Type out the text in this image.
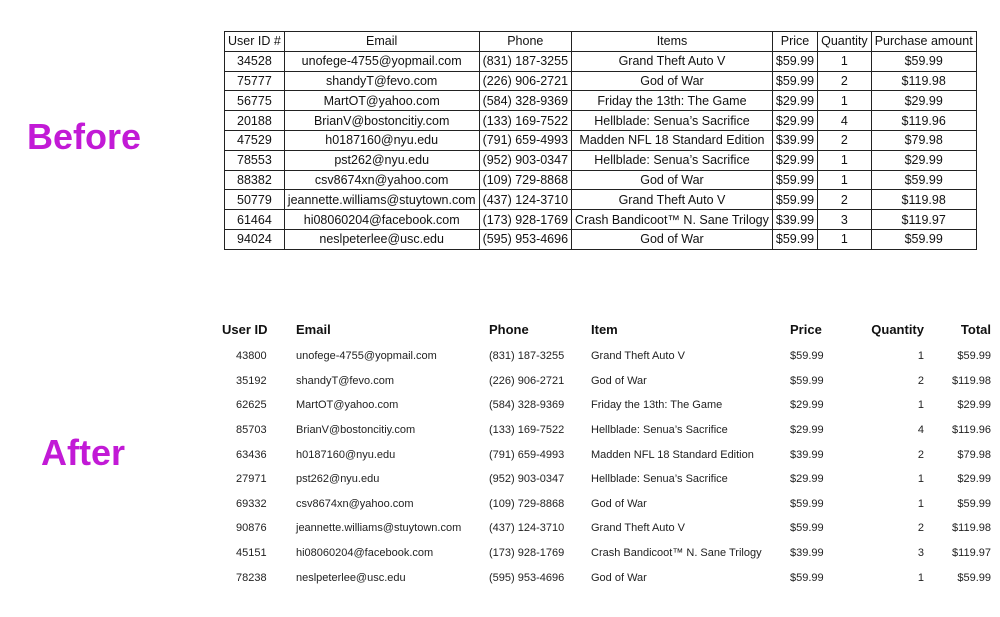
Before
After
User ID #	Email	Phone	Items	Price	Quantity	Purchase amount
34528	unofege-4755@yopmail.com	(831) 187-3255	Grand Theft Auto V	$59.99	1	$59.99
75777	shandyT@fevo.com	(226) 906-2721	God of War	$59.99	2	$119.98
56775	MartOT@yahoo.com	(584) 328-9369	Friday the 13th: The Game	$29.99	1	$29.99
20188	BrianV@bostoncitiy.com	(133) 169-7522	Hellblade: Senua’s Sacrifice	$29.99	4	$119.96
47529	h0187160@nyu.edu	(791) 659-4993	Madden NFL 18 Standard Edition	$39.99	2	$79.98
78553	pst262@nyu.edu	(952) 903-0347	Hellblade: Senua’s Sacrifice	$29.99	1	$29.99
88382	csv8674xn@yahoo.com	(109) 729-8868	God of War	$59.99	1	$59.99
50779	jeannette.williams@stuytown.com	(437) 124-3710	Grand Theft Auto V	$59.99	2	$119.98
61464	hi08060204@facebook.com	(173) 928-1769	Crash Bandicoot™ N. Sane Trilogy	$39.99	3	$119.97
94024	neslpeterlee@usc.edu	(595) 953-4696	God of War	$59.99	1	$59.99
User ID	Email	Phone	Item	Price	Quantity	Total
43800	unofege-4755@yopmail.com	(831) 187-3255	Grand Theft Auto V	$59.99	1	$59.99
35192	shandyT@fevo.com	(226) 906-2721	God of War	$59.99	2	$119.98
62625	MartOT@yahoo.com	(584) 328-9369	Friday the 13th: The Game	$29.99	1	$29.99
85703	BrianV@bostoncitiy.com	(133) 169-7522	Hellblade: Senua’s Sacrifice	$29.99	4	$119.96
63436	h0187160@nyu.edu	(791) 659-4993	Madden NFL 18 Standard Edition	$39.99	2	$79.98
27971	pst262@nyu.edu	(952) 903-0347	Hellblade: Senua’s Sacrifice	$29.99	1	$29.99
69332	csv8674xn@yahoo.com	(109) 729-8868	God of War	$59.99	1	$59.99
90876	jeannette.williams@stuytown.com	(437) 124-3710	Grand Theft Auto V	$59.99	2	$119.98
45151	hi08060204@facebook.com	(173) 928-1769	Crash Bandicoot™ N. Sane Trilogy	$39.99	3	$119.97
78238	neslpeterlee@usc.edu	(595) 953-4696	God of War	$59.99	1	$59.99
